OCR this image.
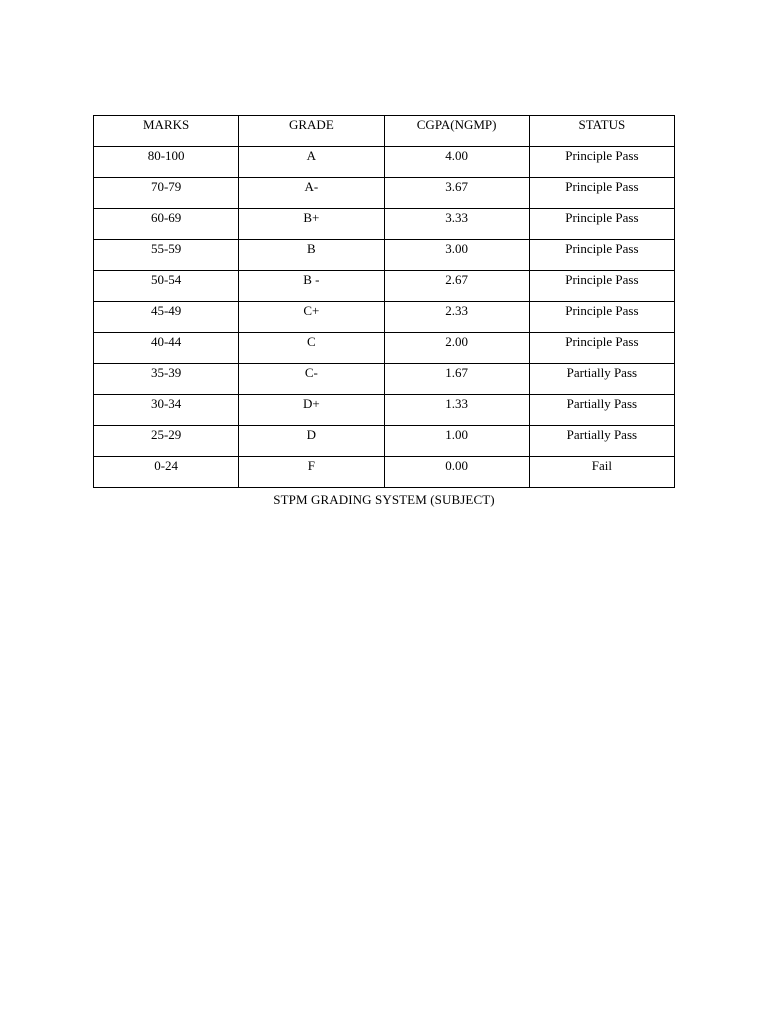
MARKS	GRADE	CGPA(NGMP)	STATUS

80-100	A	4.00	Principle Pass

70-79	A-	3.67	Principle Pass

60-69	B+	3.33	Principle Pass

55-59	B	3.00	Principle Pass

50-54	B -	2.67	Principle Pass

45-49	C+	2.33	Principle Pass

40-44	C	2.00	Principle Pass

35-39	C-	1.67	Partially Pass

30-34	D+	1.33	Partially Pass

25-29	D	1.00	Partially Pass

0-24	F	0.00	Fail
STPM GRADING SYSTEM (SUBJECT)
